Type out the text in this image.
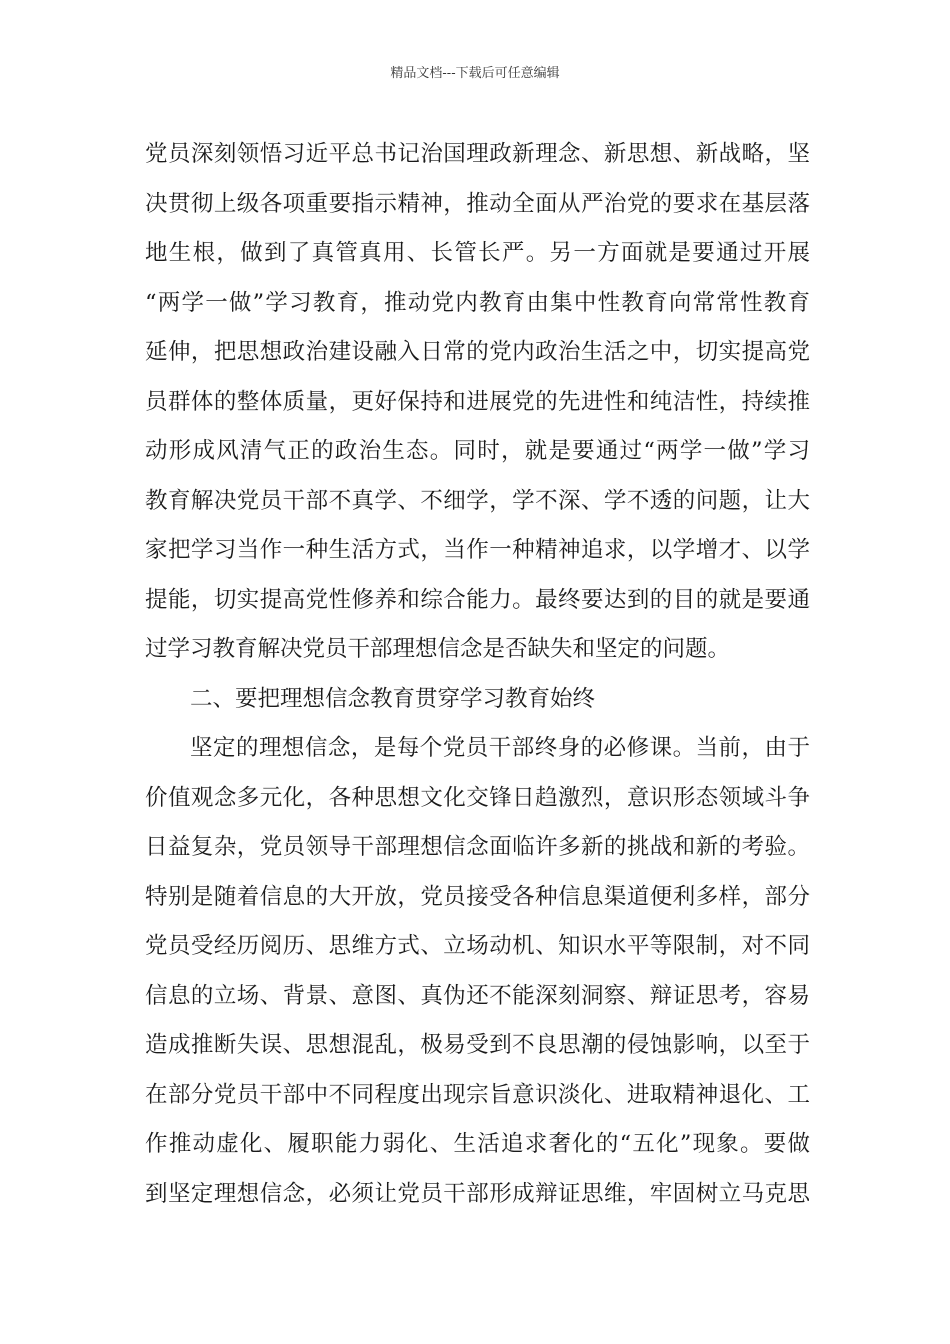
精品文档---下载后可任意编辑
党员深刻领悟习近平总书记治国理政新理念、新思想、新战略，坚
决贯彻上级各项重要指示精神，推动全面从严治党的要求在基层落
地生根，做到了真管真用、长管长严。另一方面就是要通过开展
“两学一做”学习教育，推动党内教育由集中性教育向常常性教育
延伸，把思想政治建设融入日常的党内政治生活之中，切实提高党
员群体的整体质量，更好保持和进展党的先进性和纯洁性，持续推
动形成风清气正的政治生态。同时，就是要通过“两学一做”学习
教育解决党员干部不真学、不细学，学不深、学不透的问题，让大
家把学习当作一种生活方式，当作一种精神追求，以学增才、以学
提能，切实提高党性修养和综合能力。最终要达到的目的就是要通
过学习教育解决党员干部理想信念是否缺失和坚定的问题。
二、要把理想信念教育贯穿学习教育始终
坚定的理想信念，是每个党员干部终身的必修课。当前，由于
价值观念多元化，各种思想文化交锋日趋激烈，意识形态领域斗争
日益复杂，党员领导干部理想信念面临许多新的挑战和新的考验。
特别是随着信息的大开放，党员接受各种信息渠道便利多样，部分
党员受经历阅历、思维方式、立场动机、知识水平等限制，对不同
信息的立场、背景、意图、真伪还不能深刻洞察、辩证思考，容易
造成推断失误、思想混乱，极易受到不良思潮的侵蚀影响，以至于
在部分党员干部中不同程度出现宗旨意识淡化、进取精神退化、工
作推动虚化、履职能力弱化、生活追求奢化的“五化”现象。要做
到坚定理想信念，必须让党员干部形成辩证思维，牢固树立马克思
